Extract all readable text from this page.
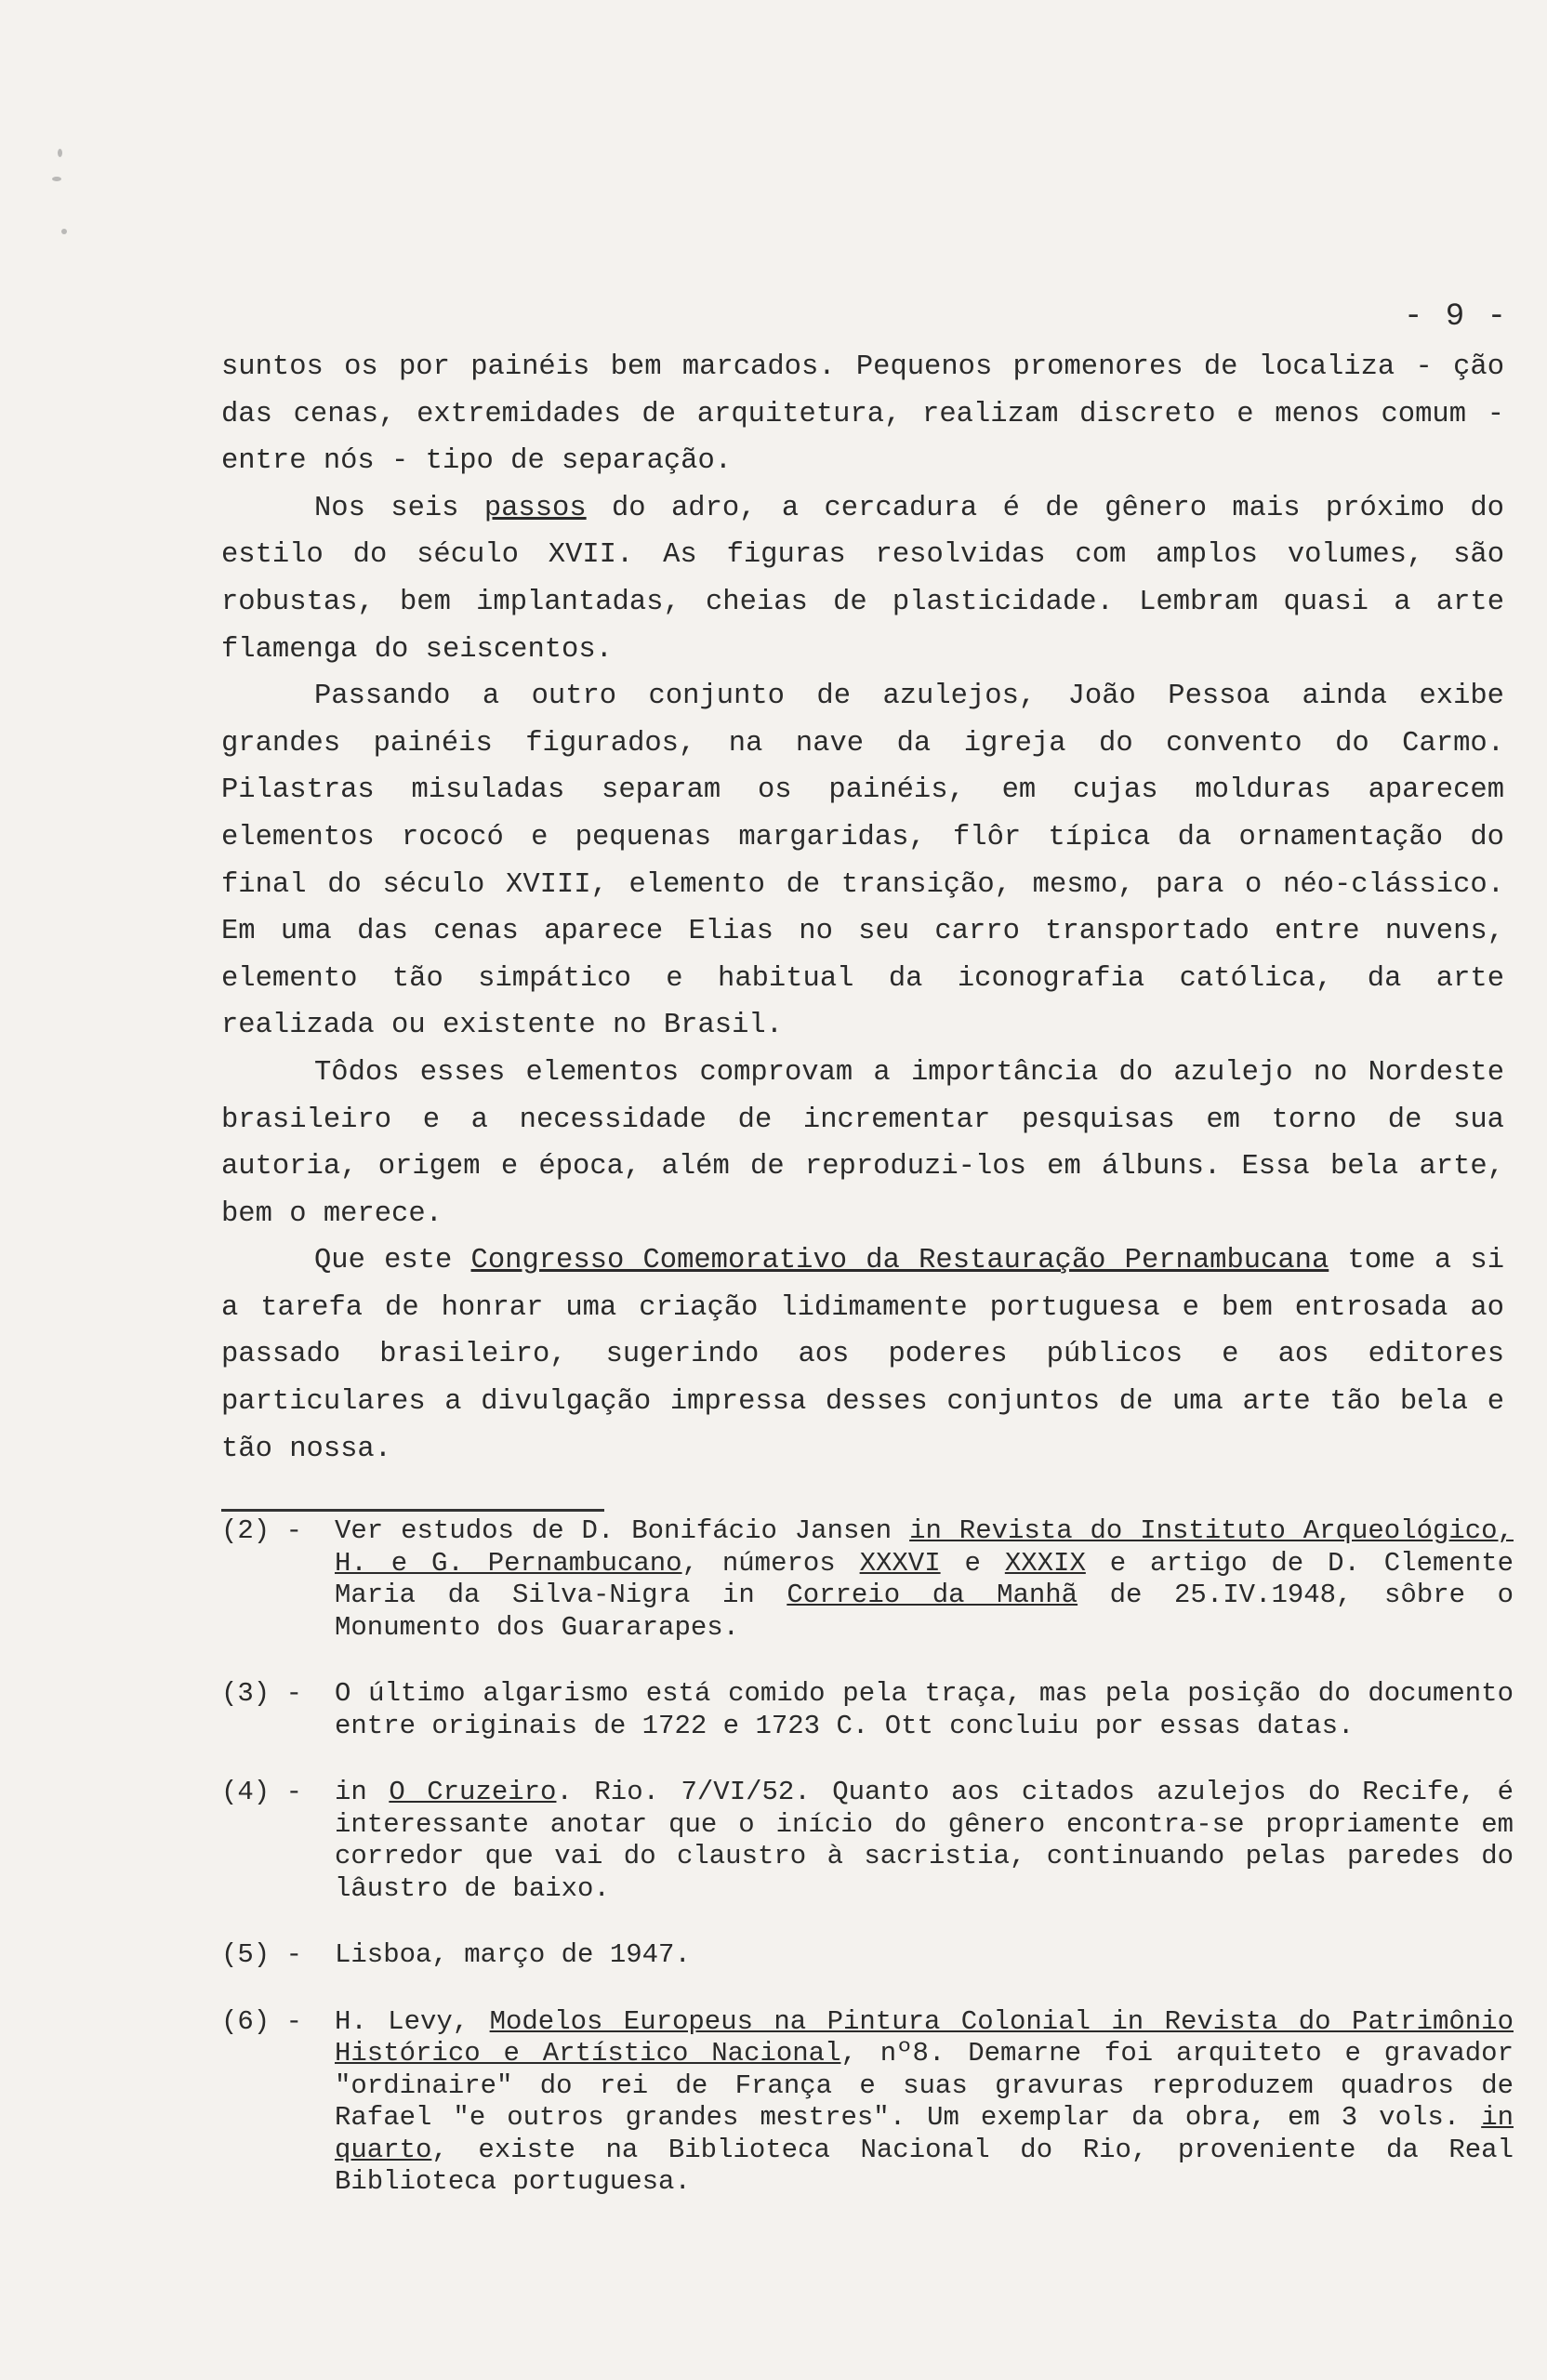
- 9 -

suntos os por painéis bem marcados. Pequenos promenores de localiza - ção das cenas, extremidades de arquitetura, realizam discreto e menos comum - entre nós - tipo de separação.

Nos seis passos do adro, a cercadura é de gênero mais próximo do estilo do século XVII. As figuras resolvidas com amplos volumes, são robustas, bem implantadas, cheias de plasticidade. Lembram quasi a arte flamenga do seiscentos.

Passando a outro conjunto de azulejos, João Pessoa ainda exibe grandes painéis figurados, na nave da igreja do convento do Carmo. Pilastras misuladas separam os painéis, em cujas molduras aparecem elementos rococó e pequenas margaridas, flôr típica da ornamentação do final do século XVIII, elemento de transição, mesmo, para o néo-clássico. Em uma das cenas aparece Elias no seu carro transportado entre nuvens, elemento tão simpático e habitual da iconografia católica, da arte realizada ou existente no Brasil.

Tôdos esses elementos comprovam a importância do azulejo no Nordeste brasileiro e a necessidade de incrementar pesquisas em torno de sua autoria, origem e época, além de reproduzi-los em álbuns. Essa bela arte, bem o merece.

Que este Congresso Comemorativo da Restauração Pernambucana tome a si a tarefa de honrar uma criação lidimamente portuguesa e bem entrosada ao passado brasileiro, sugerindo aos poderes públicos e aos editores particulares a divulgação impressa desses conjuntos de uma arte tão bela e tão nossa.

(2) -	Ver estudos de D. Bonifácio Jansen in Revista do Instituto Arqueológico, H. e G. Pernambucano, números XXXVI e XXXIX e artigo de D. Clemente Maria da Silva-Nigra in Correio da Manhã de 25.IV.1948, sôbre o Monumento dos Guararapes.
(3) -	O último algarismo está comido pela traça, mas pela posição do documento entre originais de 1722 e 1723 C. Ott concluiu por essas datas.
(4) -	in O Cruzeiro. Rio. 7/VI/52. Quanto aos citados azulejos do Recife, é interessante anotar que o início do gênero encontra-se propriamente em corredor que vai do claustro à sacristia, continuando pelas paredes do lâustro de baixo.
(5) -	Lisboa, março de 1947.
(6) -	H. Levy, Modelos Europeus na Pintura Colonial in Revista do Patrimônio Histórico e Artístico Nacional, nº8. Demarne foi arquiteto e gravador "ordinaire" do rei de França e suas gravuras reproduzem quadros de Rafael "e outros grandes mestres". Um exemplar da obra, em 3 vols. in quarto, existe na Biblioteca Nacional do Rio, proveniente da Real Biblioteca portuguesa.
